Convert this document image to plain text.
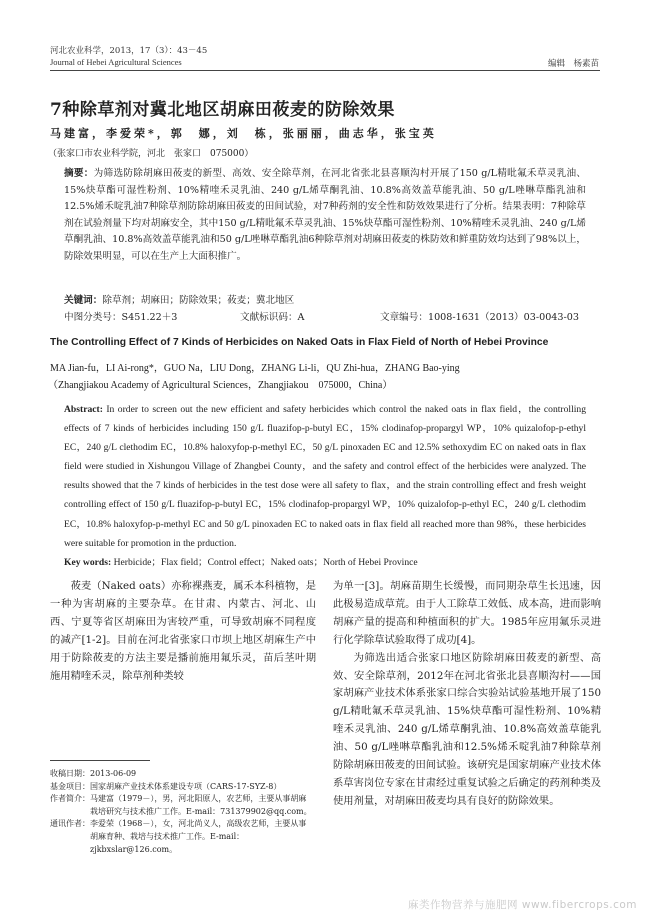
河北农业科学，2013，17（3）：43－45
Journal of Hebei Agricultural Sciences	编辑　杨素苗
7种除草剂对冀北地区胡麻田莜麦的防除效果
马建富，李爱荣*，郭　娜，刘　栋，张丽丽，曲志华，张宝英
（张家口市农业科学院，河北　张家口　075000）
摘要：为筛选防除胡麻田莜麦的新型、高效、安全除草剂，在河北省张北县喜顺沟村开展了150 g/L精吡氟禾草灵乳油、15%炔草酯可湿性粉剂、10%精喹禾灵乳油、240 g/L烯草酮乳油、10.8%高效盖草能乳油、50 g/L唑啉草酯乳油和12.5%烯禾啶乳油7种除草剂防除胡麻田莜麦的田间试验，对7种药剂的安全性和防效效果进行了分析。结果表明：7种除草剂在试验剂量下均对胡麻安全，其中150 g/L精吡氟禾草灵乳油、15%炔草酯可湿性粉剂、10%精喹禾灵乳油、240 g/L烯草酮乳油、10.8%高效盖草能乳油和50 g/L唑啉草酯乳油6种除草剂对胡麻田莜麦的株防效和鲜重防效均达到了98%以上，防除效果明显，可以在生产上大面积推广。
关键词：除草剂；胡麻田；防除效果；莜麦；冀北地区
中图分类号：S451.22＋3	文献标识码：A	文章编号：1008-1631（2013）03-0043-03
The Controlling Effect of 7 Kinds of Herbicides on Naked Oats in Flax Field of North of Hebei Province
MA Jian-fu，LI Ai-rong*，GUO Na，LIU Dong，ZHANG Li-li，QU Zhi-hua，ZHANG Bao-ying
（Zhangjiakou Academy of Agricultural Sciences，Zhangjiakou　075000，China）
Abstract: In order to screen out the new efficient and safety herbicides which control the naked oats in flax field，the controlling effects of 7 kinds of herbicides including 150 g/L fluazifop-p-butyl EC，15% clodinafop-propargyl WP，10% quizalofop-p-ethyl EC，240 g/L clethodim EC，10.8% haloxyfop-p-methyl EC，50 g/L pinoxaden EC and 12.5% sethoxydim EC on naked oats in flax field were studied in Xishungou Village of Zhangbei County，and the safety and control effect of the herbicides were analyzed. The results showed that the 7 kinds of herbicides in the test dose were all safety to flax，and the strain controlling effect and fresh weight controlling effect of 150 g/L fluazifop-p-butyl EC，15% clodinafop-propargyl WP，10% quizalofop-p-ethyl EC，240 g/L clethodim EC，10.8% haloxyfop-p-methyl EC and 50 g/L pinoxaden EC to naked oats in flax field all reached more than 98%，these herbicides were suitable for promotion in the prduction.
Key words: Herbicide；Flax field；Control effect；Naked oats；North of Hebei Province

莜麦（Naked oats）亦称裸燕麦，属禾本科植物，是一种为害胡麻的主要杂草。在甘肃、内蒙古、河北、山西、宁夏等省区胡麻田为害较严重，可导致胡麻不同程度的减产[1-2]。目前在河北省张家口市坝上地区胡麻生产中用于防除莜麦的方法主要是播前施用氟乐灵，苗后茎叶期施用精喹禾灵，除草剂种类较

为单一[3]。胡麻苗期生长缓慢，而同期杂草生长迅速，因此极易造成草荒。由于人工除草工效低、成本高，进而影响胡麻产量的提高和种植面积的扩大。1985年应用氟乐灵进行化学除草试验取得了成功[4]。

为筛选出适合张家口地区防除胡麻田莜麦的新型、高效、安全除草剂，2012年在河北省张北县喜顺沟村——国家胡麻产业技术体系张家口综合实验站试验基地开展了150 g/L精吡氟禾草灵乳油、15%炔草酯可湿性粉剂、10%精喹禾灵乳油、240 g/L烯草酮乳油、10.8%高效盖草能乳油、50 g/L唑啉草酯乳油和12.5%烯禾啶乳油7种除草剂防除胡麻田莜麦的田间试验。该研究是国家胡麻产业技术体系草害岗位专家在甘肃经过重复试验之后确定的药剂种类及使用剂量，对胡麻田莜麦均具有良好的防除效果。

收稿日期：2013-06-09
基金项目： 国家胡麻产业技术体系建设专项（CARS-17-SYZ-8）
作者简介： 马建富（1979－），男，河北阳原人，农艺师，主要从事胡麻栽培研究与技术推广工作。E-mail：731379902@qq.com。
通讯作者： 李爱荣（1968－），女，河北尚义人，高级农艺师，主要从事胡麻育种、栽培与技术推广工作。E-mail：zjkbxslar@126.com。
麻类作物营养与施肥网 www.fibercrops.com
